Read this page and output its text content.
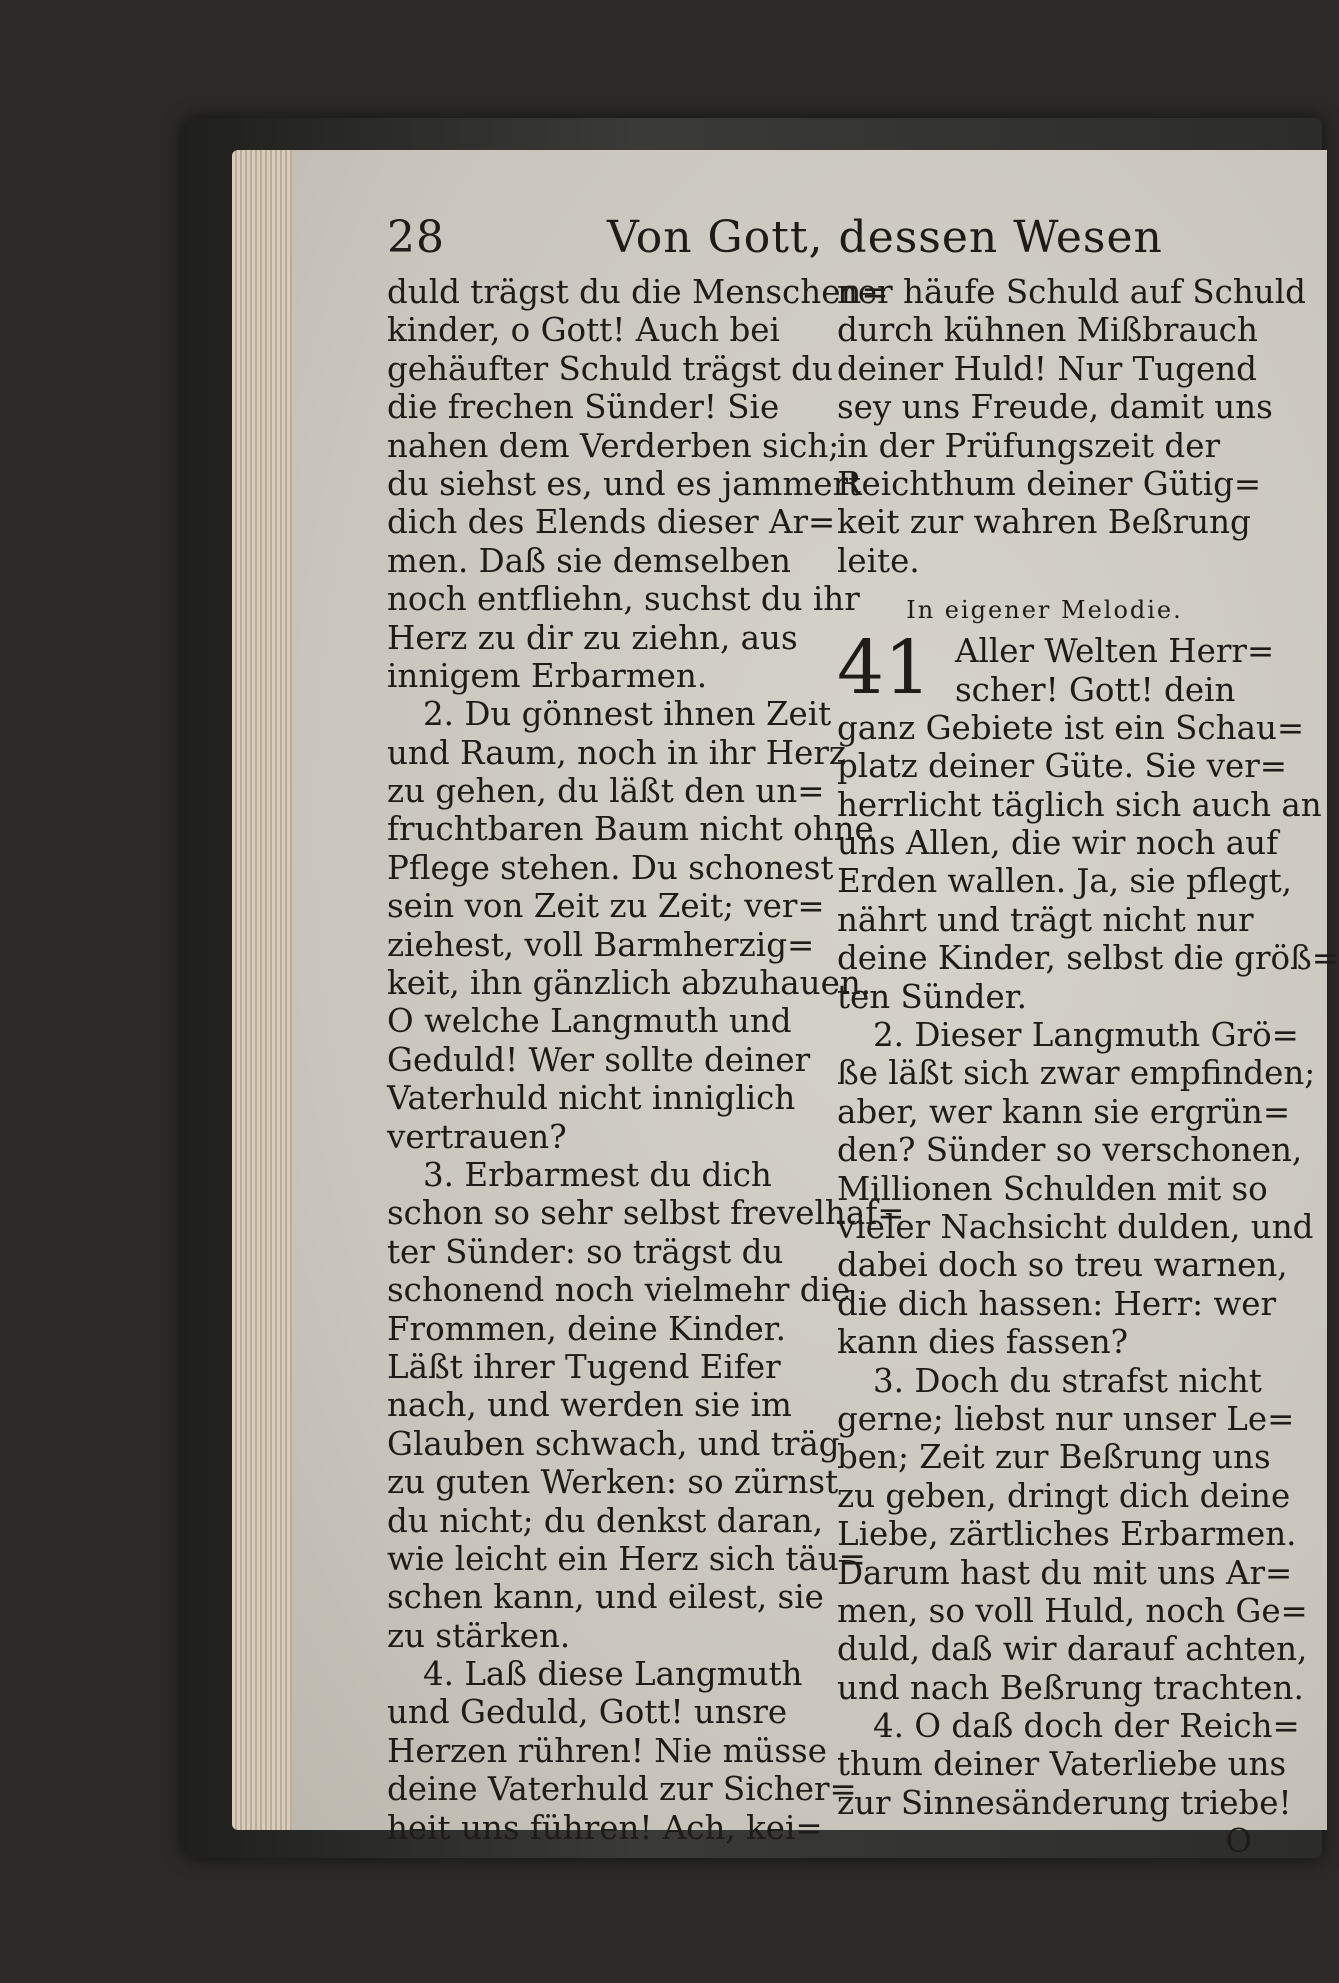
28	Von Gott, dessen Wesen
duld trägst du die Menschen=
kinder, o Gott! Auch bei
gehäufter Schuld trägst du
die frechen Sünder! Sie
nahen dem Verderben sich;
du siehst es, und es jammert
dich des Elends dieser Ar=
men. Daß sie demselben
noch entfliehn, suchst du ihr
Herz zu dir zu ziehn, aus
innigem Erbarmen.
2. Du gönnest ihnen Zeit
und Raum, noch in ihr Herz
zu gehen, du läßt den un=
fruchtbaren Baum nicht ohne
Pflege stehen. Du schonest
sein von Zeit zu Zeit; ver=
ziehest, voll Barmherzig=
keit, ihn gänzlich abzuhauen.
O welche Langmuth und
Geduld! Wer sollte deiner
Vaterhuld nicht inniglich
vertrauen?
3. Erbarmest du dich
schon so sehr selbst frevelhaf=
ter Sünder: so trägst du
schonend noch vielmehr die
Frommen, deine Kinder.
Läßt ihrer Tugend Eifer
nach, und werden sie im
Glauben schwach, und träg
zu guten Werken: so zürnst
du nicht; du denkst daran,
wie leicht ein Herz sich täu=
schen kann, und eilest, sie
zu stärken.
4. Laß diese Langmuth
und Geduld, Gott! unsre
Herzen rühren! Nie müsse
deine Vaterhuld zur Sicher=
heit uns führen! Ach, kei=
ner häufe Schuld auf Schuld
durch kühnen Mißbrauch
deiner Huld! Nur Tugend
sey uns Freude, damit uns
in der Prüfungszeit der
Reichthum deiner Gütig=
keit zur wahren Beßrung
leite.
In eigener Melodie.
41 Aller Welten Herr=
scher! Gott! dein
ganz Gebiete ist ein Schau=
platz deiner Güte. Sie ver=
herrlicht täglich sich auch an
uns Allen, die wir noch auf
Erden wallen. Ja, sie pflegt,
nährt und trägt nicht nur
deine Kinder, selbst die größ=
ten Sünder.
2. Dieser Langmuth Grö=
ße läßt sich zwar empfinden;
aber, wer kann sie ergrün=
den? Sünder so verschonen,
Millionen Schulden mit so
vieler Nachsicht dulden, und
dabei doch so treu warnen,
die dich hassen: Herr: wer
kann dies fassen?
3. Doch du strafst nicht
gerne; liebst nur unser Le=
ben; Zeit zur Beßrung uns
zu geben, dringt dich deine
Liebe, zärtliches Erbarmen.
Darum hast du mit uns Ar=
men, so voll Huld, noch Ge=
duld, daß wir darauf achten,
und nach Beßrung trachten.
4. O daß doch der Reich=
thum deiner Vaterliebe uns
zur Sinnesänderung triebe!
O
